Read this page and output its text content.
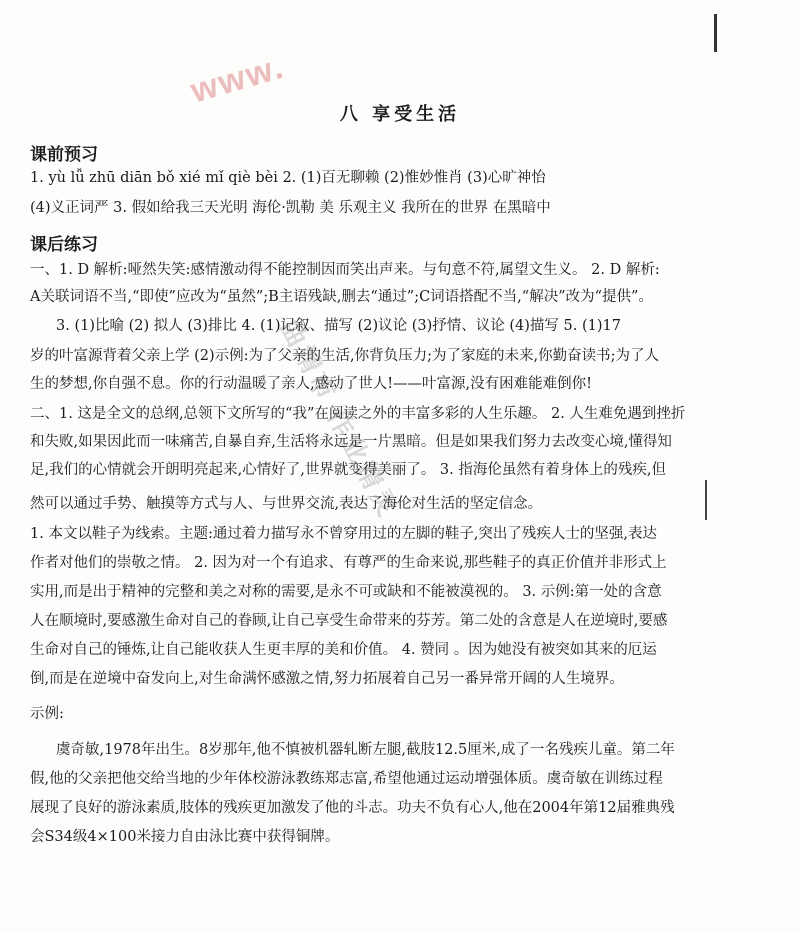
www.
曲靖市 作业精灵
八 享受生活
课前预习
1. yù lǚ zhū diān bǒ xié mǐ qiè bèi 2. (1)百无聊赖 (2)惟妙惟肖 (3)心旷神怡
(4)义正词严 3. 假如给我三天光明 海伦·凯勒 美 乐观主义 我所在的世界 在黑暗中
课后练习
一、1. D 解析:哑然失笑:感情激动得不能控制因而笑出声来。与句意不符,属望文生义。 2. D 解析:
A关联词语不当,“即使”应改为“虽然”;B主语残缺,删去“通过”;C词语搭配不当,“解决”改为“提供”。
3. (1)比喻 (2) 拟人 (3)排比 4. (1)记叙、描写 (2)议论 (3)抒情、议论 (4)描写 5. (1)17
岁的叶富源背着父亲上学 (2)示例:为了父亲的生活,你背负压力;为了家庭的未来,你勤奋读书;为了人
生的梦想,你自强不息。你的行动温暖了亲人,感动了世人!——叶富源,没有困难能难倒你!
二、1. 这是全文的总纲,总领下文所写的“我”在阅读之外的丰富多彩的人生乐趣。 2. 人生难免遇到挫折
和失败,如果因此而一味痛苦,自暴自弃,生活将永远是一片黑暗。但是如果我们努力去改变心境,懂得知
足,我们的心情就会开朗明亮起来,心情好了,世界就变得美丽了。 3. 指海伦虽然有着身体上的残疾,但
然可以通过手势、触摸等方式与人、与世界交流,表达了海伦对生活的坚定信念。
1. 本文以鞋子为线索。主题:通过着力描写永不曾穿用过的左脚的鞋子,突出了残疾人士的坚强,表达
作者对他们的崇敬之情。 2. 因为对一个有追求、有尊严的生命来说,那些鞋子的真正价值并非形式上
实用,而是出于精神的完整和美之对称的需要,是永不可或缺和不能被漠视的。 3. 示例:第一处的含意
人在顺境时,要感激生命对自己的眷顾,让自己享受生命带来的芬芳。第二处的含意是人在逆境时,要感
生命对自己的锤炼,让自己能收获人生更丰厚的美和价值。 4. 赞同 。因为她没有被突如其来的厄运
倒,而是在逆境中奋发向上,对生命满怀感激之情,努力拓展着自己另一番异常开阔的人生境界。
示例:
虞奇敏,1978年出生。8岁那年,他不慎被机器轧断左腿,截肢12.5厘米,成了一名残疾儿童。第二年
假,他的父亲把他交给当地的少年体校游泳教练郑志富,希望他通过运动增强体质。虞奇敏在训练过程
展现了良好的游泳素质,肢体的残疾更加激发了他的斗志。功夫不负有心人,他在2004年第12届雅典残
会S34级4×100米接力自由泳比赛中获得铜牌。
